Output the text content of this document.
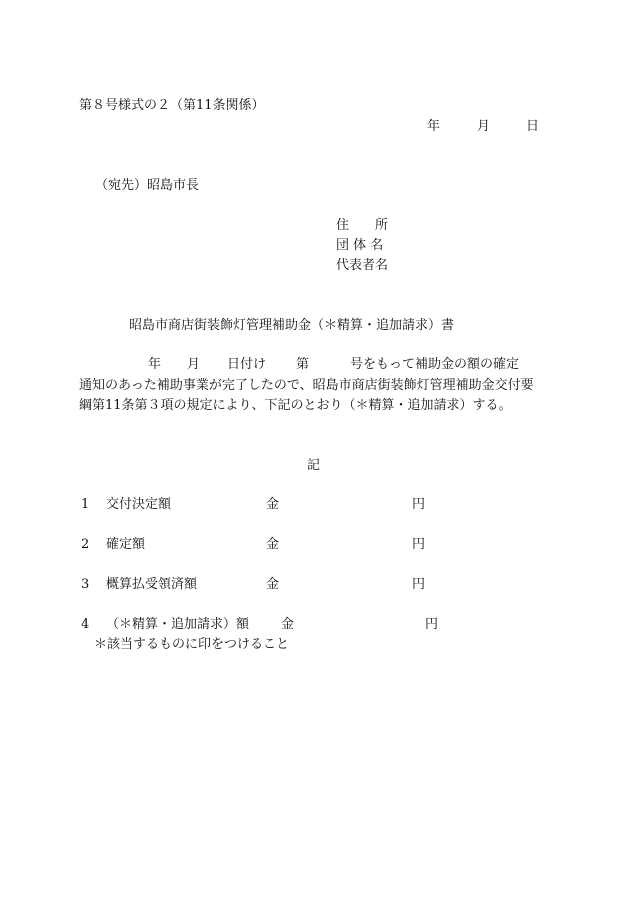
第８号様式の２（第11条関係）
年	月	日
（宛先）昭島市長
住　　所
団 体 名
代表者名
昭島市商店街装飾灯管理補助金（＊精算・追加請求）書
年 月 日付け 第	号をもって補助金の額の確定
通知のあった補助事業が完了したので、昭島市商店街装飾灯管理補助金交付要
綱第11条第３項の規定により、下記のとおり（＊精算・追加請求）する。
記
1 交付決定額	金	円
2 確定額	金	円
3 概算払受領済額	金	円
4 （＊精算・追加請求）額 金	円
＊該当するものに印をつけること
